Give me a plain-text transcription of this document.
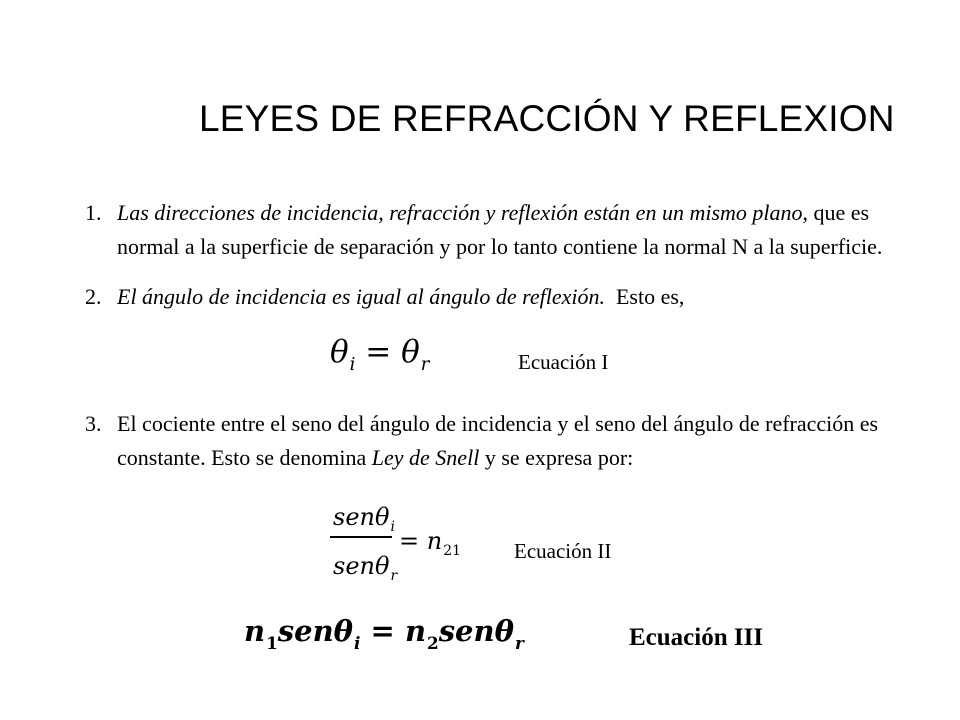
LEYES DE REFRACCIÓN Y REFLEXION
1. Las direcciones de incidencia, refracción y reflexión están en un mismo plano, que es
normal a la superficie de separación y por lo tanto contiene la normal N a la superficie.
2. El ángulo de incidencia es igual al ángulo de reflexión. Esto es,
$\theta_i = \theta_r$	Ecuación I
3. El cociente entre el seno del ángulo de incidencia y el seno del ángulo de refracción es
constante. Esto se denomina Ley de Snell y se expresa por:
senθ$_i$
senθ$_r$
= $n_{21}$	Ecuación II
$n_1sen\theta_i = n_2sen\theta_r$	Ecuación III
